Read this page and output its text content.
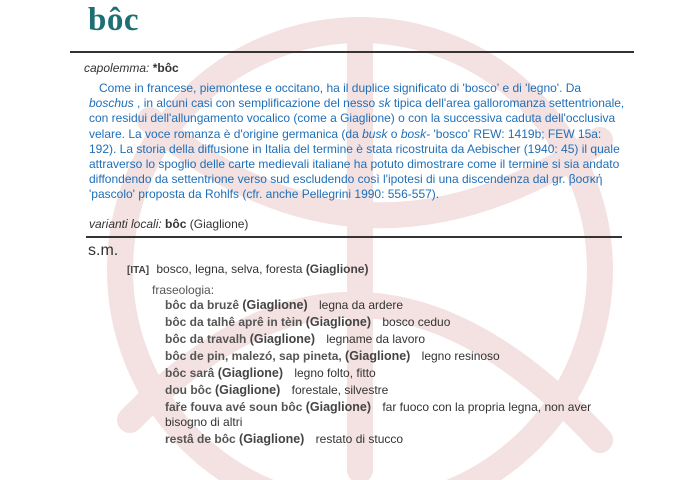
bôc
capolemma: *bôc

Come in francese, piemontese e occitano, ha il duplice significato di 'bosco' e di 'legno'. Da boschus , in alcuni casi con semplificazione del nesso sk tipica dell'area galloromanza settentrionale, con residui dell'allungamento vocalico (come a Giaglione) o con la successiva caduta dell'occlusiva velare. La voce romanza è d'origine germanica (da busk o bosk- 'bosco' REW: 1419b; FEW 15a: 192). La storia della diffusione in Italia del termine è stata ricostruita da Aebischer (1940: 45) il quale attraverso lo spoglio delle carte medievali italiane ha potuto dimostrare come il termine si sia andato diffondendo da settentrione verso sud escludendo così l'ipotesi di una discendenza dal gr. βοσκή 'pascolo' proposta da Rohlfs (cfr. anche Pellegrini 1990: 556-557).

varianti locali: bôc (Giaglione)
s.m.
[ITA] bosco, legna, selva, foresta (Giaglione)
fraseologia:
bôc da bruzê (Giaglione) legna da ardere
bôc da talhê aprê in tèin (Giaglione) bosco ceduo
bôc da travalh (Giaglione) legname da lavoro
bôc de pin, malezó, sap pineta, (Giaglione) legno resinoso
bôc sarâ (Giaglione) legno folto, fitto
dou bôc (Giaglione) forestale, silvestre
faře fouva avé soun bôc (Giaglione) far fuoco con la propria legna, non aver bisogno di altri
restâ de bôc (Giaglione) restato di stucco
